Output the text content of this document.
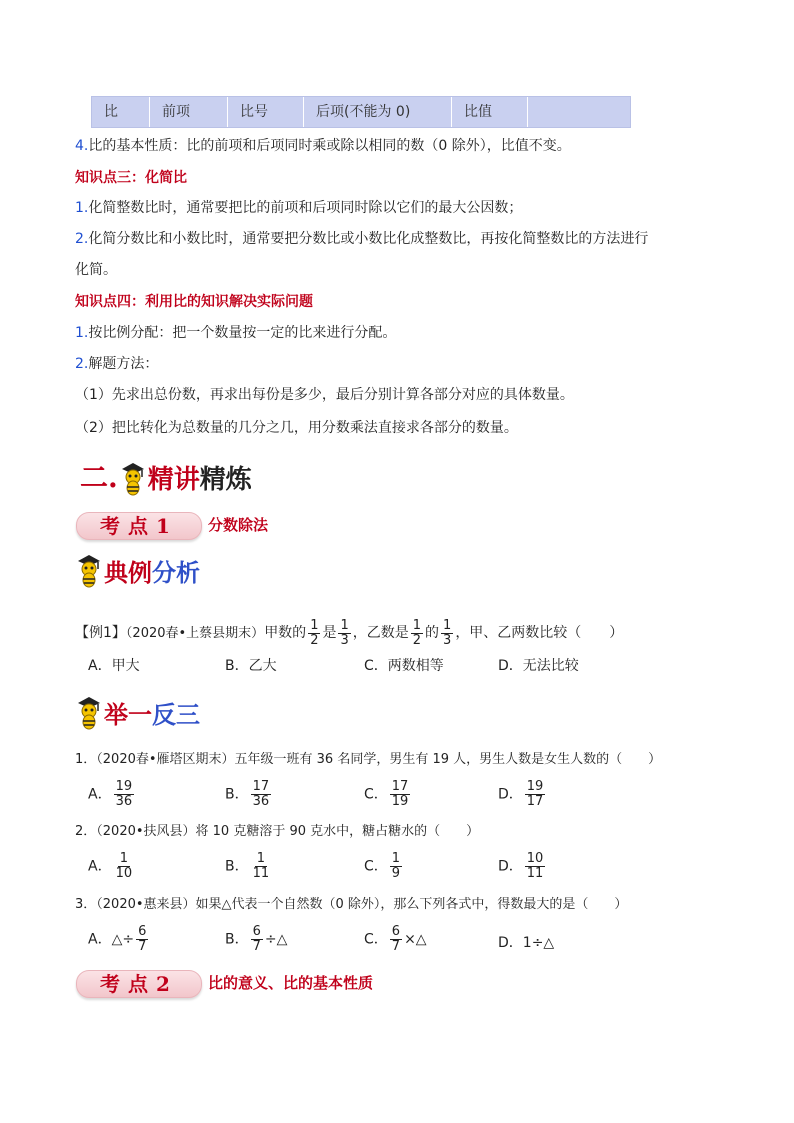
比	前项	比号	后项(不能为 0)	比值
4.比的基本性质：比的前项和后项同时乘或除以相同的数（0 除外），比值不变。
知识点三：化简比
1.化简整数比时，通常要把比的前项和后项同时除以它们的最大公因数；
2.化简分数比和小数比时，通常要把分数比或小数比化成整数比，再按化简整数比的方法进行
化简。
知识点四：利用比的知识解决实际问题
1.按比例分配：把一个数量按一定的比来进行分配。
2.解题方法：
（1）先求出总份数，再求出每份是多少，最后分别计算各部分对应的具体数量。
（2）把比转化为总数量的几分之几，用分数乘法直接求各部分的数量。
二. 精讲 精炼
考点1	分数除法
典例 分析
【例1】（2020春•上蔡县期末）甲数的 $\frac{1}{2}$ 是 $\frac{1}{3}$ ，乙数是 $\frac{1}{2}$ 的 $\frac{1}{3}$ ，甲、乙两数比较（　　）
A．甲大	B．乙大	C．两数相等	D．无法比较
举一 反三
1．（2020春•雁塔区期末）五年级一班有 36 名同学，男生有 19 人，男生人数是女生人数的（　　）
A． $\frac{19}{36}$	B． $\frac{17}{36}$	C． $\frac{17}{19}$	D． $\frac{19}{17}$
2．（2020•扶风县）将 10 克糖溶于 90 克水中，糖占糖水的（　　）
A． $\frac{1}{10}$	B． $\frac{1}{11}$	C． $\frac{1}{9}$	D． $\frac{10}{11}$
3．（2020•惠来县）如果△代表一个自然数（0 除外），那么下列各式中，得数最大的是（　　）
A．△÷ $\frac{6}{7}$	B． $\frac{6}{7}$ ÷△	C． $\frac{6}{7}$ ×△	D．1÷△
考点2	比的意义、比的基本性质
